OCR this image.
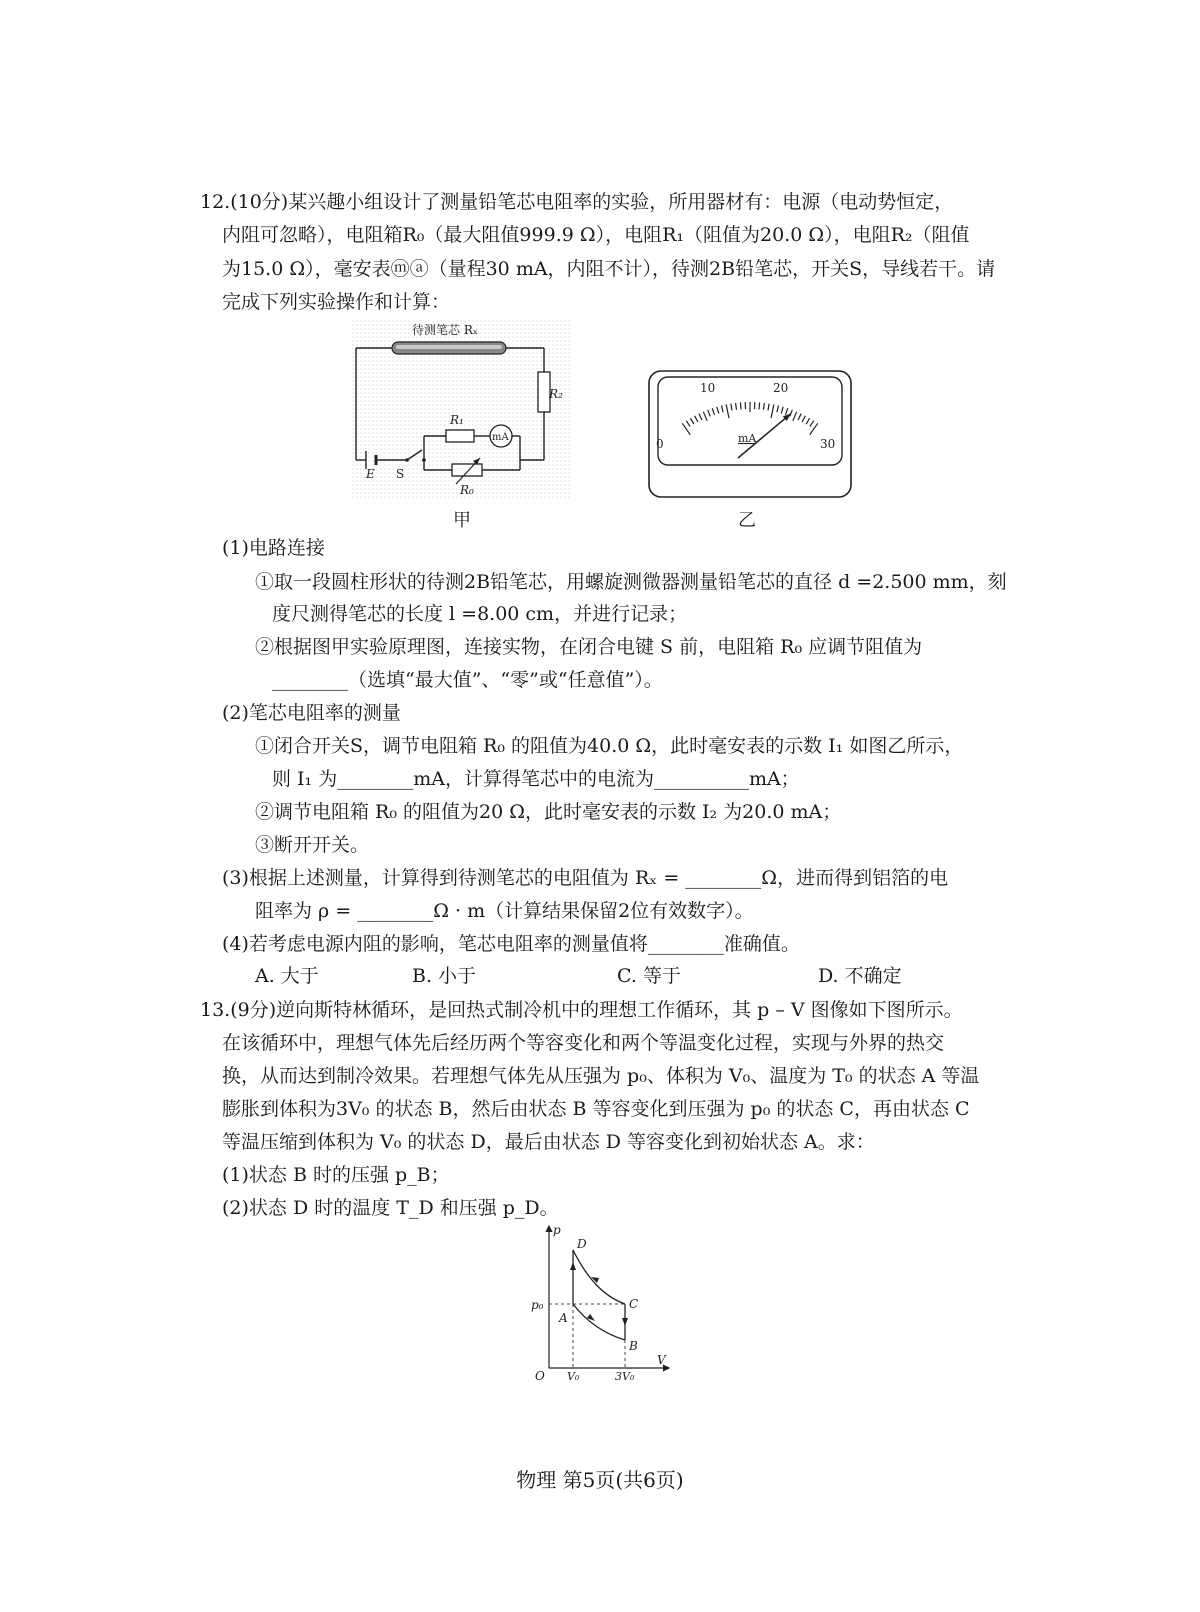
12.(10分)某兴趣小组设计了测量铅笔芯电阻率的实验，所用器材有：电源（电动势恒定，
内阻可忽略），电阻箱R₀（最大阻值999.9 Ω），电阻R₁（阻值为20.0 Ω），电阻R₂（阻值
为15.0 Ω），毫安表ⓜⓐ（量程30 mA，内阻不计），待测2B铅笔芯，开关S，导线若干。请
完成下列实验操作和计算：
待测笔芯 Rₓ
R₂
R₁
mA
R₀
E S
甲
0
10	20
30
mA
乙
(1)电路连接
①取一段圆柱形状的待测2B铅笔芯，用螺旋测微器测量铅笔芯的直径 d =2.500 mm，刻
度尺测得笔芯的长度 l =8.00 cm，并进行记录；
②根据图甲实验原理图，连接实物，在闭合电键 S 前，电阻箱 R₀ 应调节阻值为
________（选填“最大值”、“零”或“任意值”）。
(2)笔芯电阻率的测量
①闭合开关S，调节电阻箱 R₀ 的阻值为40.0 Ω，此时毫安表的示数 I₁ 如图乙所示，
则 I₁ 为________mA，计算得笔芯中的电流为__________mA；
②调节电阻箱 R₀ 的阻值为20 Ω，此时毫安表的示数 I₂ 为20.0 mA；
③断开开关。
(3)根据上述测量，计算得到待测笔芯的电阻值为 Rₓ = ________Ω，进而得到铝箔的电
阻率为 ρ = ________Ω · m（计算结果保留2位有效数字）。
(4)若考虑电源内阻的影响，笔芯电阻率的测量值将________准确值。
A. 大于	B. 小于	C. 等于	D. 不确定
13.(9分)逆向斯特林循环，是回热式制冷机中的理想工作循环，其 p – V 图像如下图所示。
在该循环中，理想气体先后经历两个等容变化和两个等温变化过程，实现与外界的热交
换，从而达到制冷效果。若理想气体先从压强为 p₀、体积为 V₀、温度为 T₀ 的状态 A 等温
膨胀到体积为3V₀ 的状态 B，然后由状态 B 等容变化到压强为 p₀ 的状态 C，再由状态 C
等温压缩到体积为 V₀ 的状态 D，最后由状态 D 等容变化到初始状态 A。求：
(1)状态 B 时的压强 p_B；
(2)状态 D 时的温度 T_D 和压强 p_D。
p
V
O
p₀
V₀	3V₀
A
B
C
D
物理 第5页(共6页)
